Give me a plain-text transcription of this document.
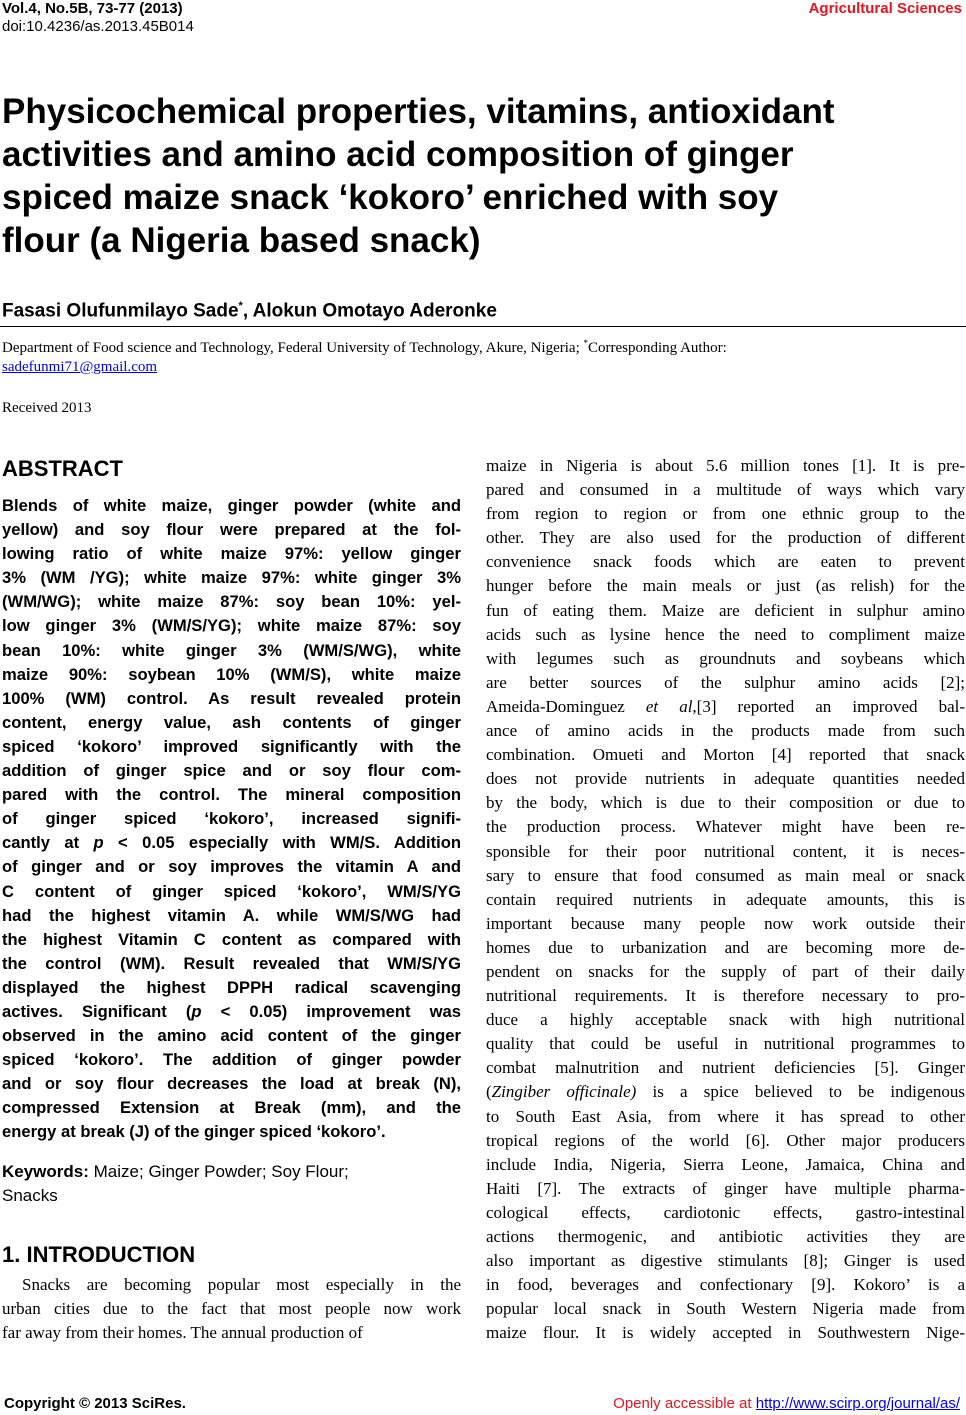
Vol.4, No.5B, 73-77 (2013)
doi:10.4236/as.2013.45B014
Agricultural Sciences
Physicochemical properties, vitamins, antioxidant
activities and amino acid composition of ginger
spiced maize snack ‘kokoro’ enriched with soy
flour (a Nigeria based snack)
Fasasi Olufunmilayo Sade*, Alokun Omotayo Aderonke
Department of Food science and Technology, Federal University of Technology, Akure, Nigeria; *Corresponding Author:
sadefunmi71@gmail.com
Received 2013
ABSTRACT
Blends of white maize, ginger powder (white and
yellow) and soy flour were prepared at the fol-
lowing ratio of white maize 97%: yellow ginger
3% (WM /YG); white maize 97%: white ginger 3%
(WM/WG); white maize 87%: soy bean 10%: yel-
low ginger 3% (WM/S/YG); white maize 87%: soy
bean 10%: white ginger 3% (WM/S/WG), white
maize 90%: soybean 10% (WM/S), white maize
100% (WM) control. As result revealed protein
content, energy value, ash contents of ginger
spiced ‘kokoro’ improved significantly with the
addition of ginger spice and or soy flour com-
pared with the control. The mineral composition
of ginger spiced ‘kokoro’, increased signifi-
cantly at p < 0.05 especially with WM/S. Addition
of ginger and or soy improves the vitamin A and
C content of ginger spiced ‘kokoro’, WM/S/YG
had the highest vitamin A. while WM/S/WG had
the highest Vitamin C content as compared with
the control (WM). Result revealed that WM/S/YG
displayed the highest DPPH radical scavenging
actives. Significant (p < 0.05) improvement was
observed in the amino acid content of the ginger
spiced ‘kokoro’. The addition of ginger powder
and or soy flour decreases the load at break (N),
compressed Extension at Break (mm), and the
energy at break (J) of the ginger spiced ‘kokoro’.
Keywords: Maize; Ginger Powder; Soy Flour;
Snacks
1. INTRODUCTION
Snacks are becoming popular most especially in the
urban cities due to the fact that most people now work
far away from their homes. The annual production of
maize in Nigeria is about 5.6 million tones [1]. It is pre-
pared and consumed in a multitude of ways which vary
from region to region or from one ethnic group to the
other. They are also used for the production of different
convenience snack foods which are eaten to prevent
hunger before the main meals or just (as relish) for the
fun of eating them. Maize are deficient in sulphur amino
acids such as lysine hence the need to compliment maize
with legumes such as groundnuts and soybeans which
are better sources of the sulphur amino acids [2];
Ameida-Dominguez et al,[3] reported an improved bal-
ance of amino acids in the products made from such
combination. Omueti and Morton [4] reported that snack
does not provide nutrients in adequate quantities needed
by the body, which is due to their composition or due to
the production process. Whatever might have been re-
sponsible for their poor nutritional content, it is neces-
sary to ensure that food consumed as main meal or snack
contain required nutrients in adequate amounts, this is
important because many people now work outside their
homes due to urbanization and are becoming more de-
pendent on snacks for the supply of part of their daily
nutritional requirements. It is therefore necessary to pro-
duce a highly acceptable snack with high nutritional
quality that could be useful in nutritional programmes to
combat malnutrition and nutrient deficiencies [5]. Ginger
(Zingiber officinale) is a spice believed to be indigenous
to South East Asia, from where it has spread to other
tropical regions of the world [6]. Other major producers
include India, Nigeria, Sierra Leone, Jamaica, China and
Haiti [7]. The extracts of ginger have multiple pharma-
cological effects, cardiotonic effects, gastro-intestinal
actions thermogenic, and antibiotic activities they are
also important as digestive stimulants [8]; Ginger is used
in food, beverages and confectionary [9]. Kokoro’ is a
popular local snack in South Western Nigeria made from
maize flour. It is widely accepted in Southwestern Nige-
Copyright © 2013 SciRes.	Openly accessible at http://www.scirp.org/journal/as/
